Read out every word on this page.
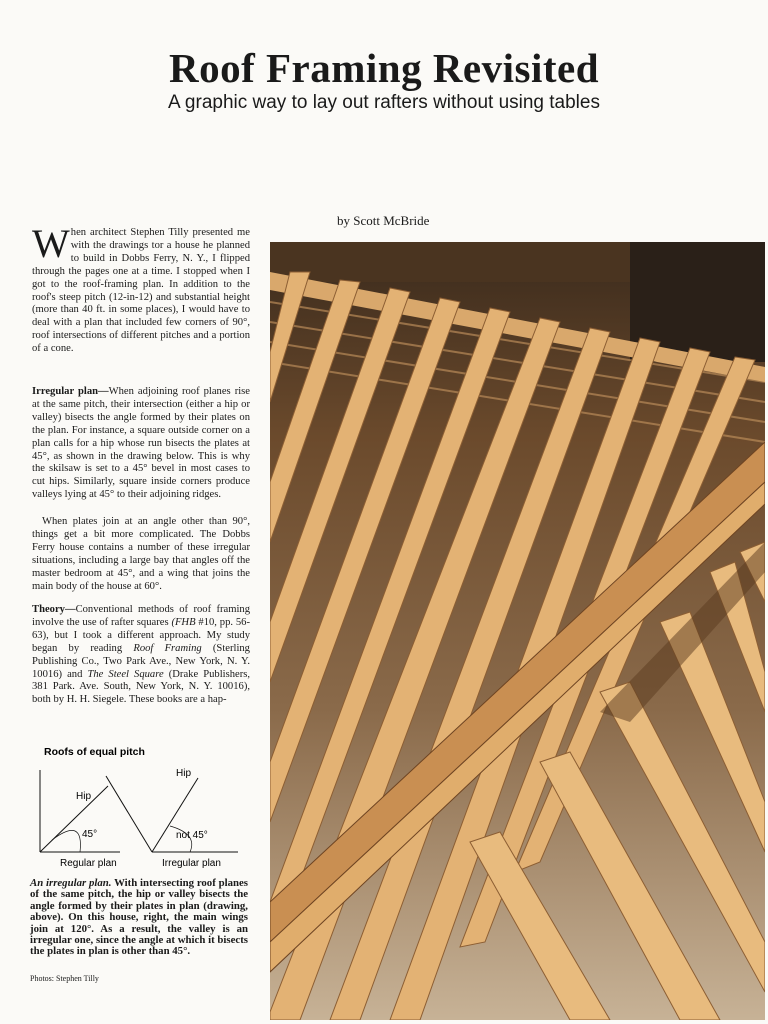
Roof Framing Revisited

A graphic way to lay out rafters without using tables

by Scott McBride

When architect Stephen Tilly presented me with the drawings tor a house he planned to build in Dobbs Ferry, N. Y., I flipped through the pages one at a time. I stopped when I got to the roof-framing plan. In addition to the roof's steep pitch (12-in-12) and substantial height (more than 40 ft. in some places), I would have to deal with a plan that included few corners of 90°, roof intersections of different pitches and a portion of a cone.

Irregular plan—When adjoining roof planes rise at the same pitch, their intersection (either a hip or valley) bisects the angle formed by their plates on the plan. For instance, a square outside corner on a plan calls for a hip whose run bisects the plates at 45°, as shown in the drawing below. This is why the skilsaw is set to a 45° bevel in most cases to cut hips. Similarly, square inside corners produce valleys lying at 45° to their adjoining ridges.

When plates join at an angle other than 90°, things get a bit more complicated. The Dobbs Ferry house contains a number of these irregular situations, including a large bay that angles off the master bedroom at 45°, and a wing that joins the main body of the house at 60°.

Theory—Conventional methods of roof framing involve the use of rafter squares (FHB #10, pp. 56-63), but I took a different approach. My study began by reading Roof Framing (Sterling Publishing Co., Two Park Ave., New York, N. Y. 10016) and The Steel Square (Drake Publishers, 381 Park. Ave. South, New York, N. Y. 10016), both by H. H. Siegele. These books are a hap-

Roofs of equal pitch
Hip
45°
Regular plan
Hip
not 45°
Irregular plan
An irregular plan. With intersecting roof planes of the same pitch, the hip or valley bisects the angle formed by their plates in plan (drawing, above). On this house, right, the main wings join at 120°. As a result, the valley is an irregular one, since the angle at which it bisects the plates in plan is other than 45°.
Photos: Stephen Tilly
